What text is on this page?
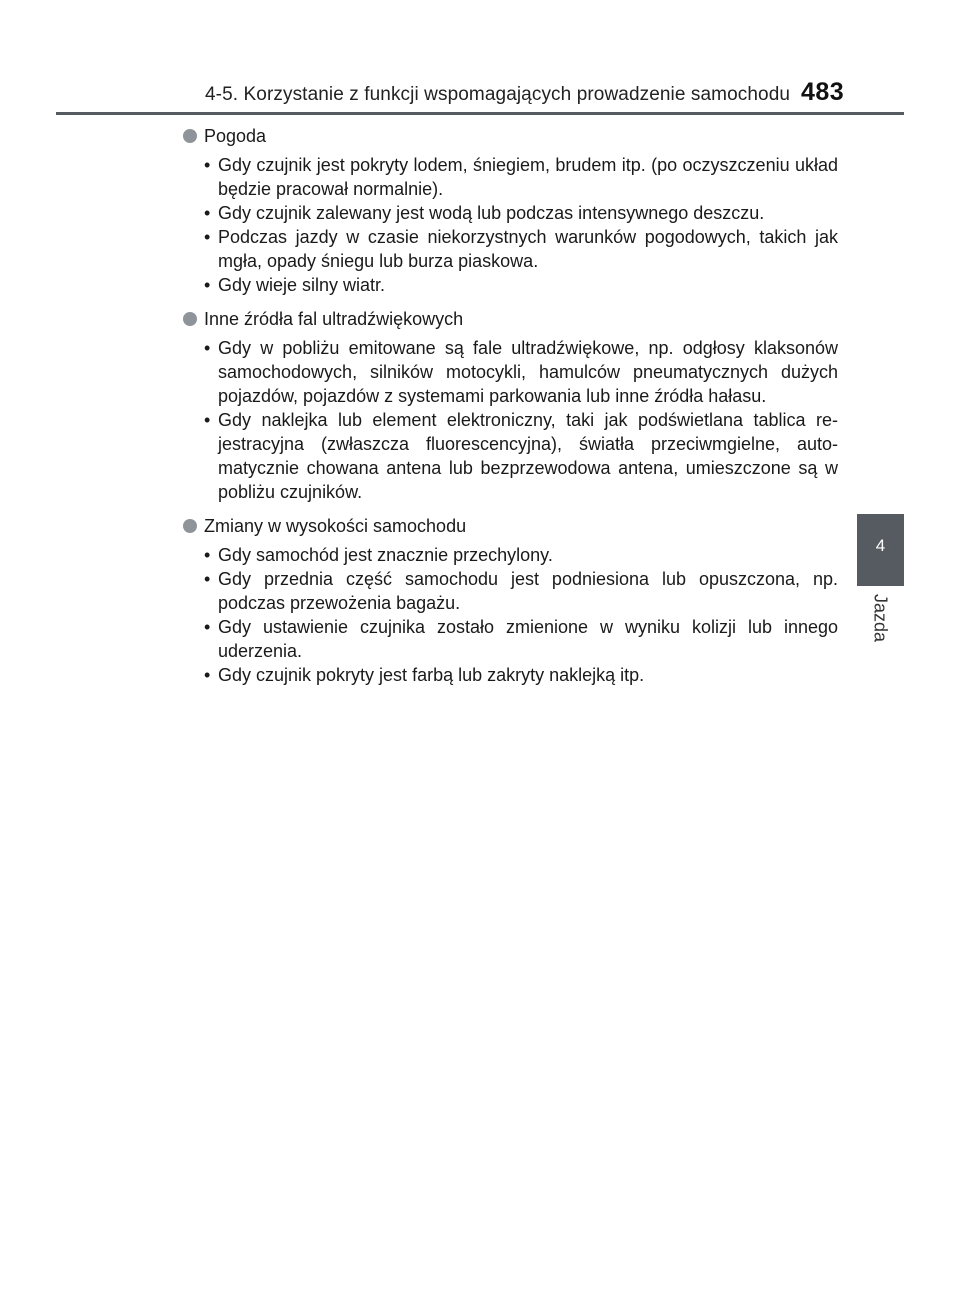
4-5. Korzystanie z funkcji wspomagających prowadzenie samochodu 483
4
Jazda
Pogoda
• Gdy czujnik jest pokryty lodem, śniegiem, brudem itp. (po oczyszczeniu układ będzie pracował normalnie).
• Gdy czujnik zalewany jest wodą lub podczas intensywnego deszczu.
• Podczas jazdy w czasie niekorzystnych warunków pogodowych, takich jak mgła, opady śniegu lub burza piaskowa.
• Gdy wieje silny wiatr.
Inne źródła fal ultradźwiękowych
• Gdy w pobliżu emitowane są fale ultradźwiękowe, np. odgłosy klaksonów samochodowych, silników motocykli, hamulców pneumatycznych dużych pojazdów, pojazdów z systemami parkowania lub inne źródła hałasu.
• Gdy naklejka lub element elektroniczny, taki jak podświetlana tablica re-jestracyjna (zwłaszcza fluorescencyjna), światła przeciwmgielne, auto-matycznie chowana antena lub bezprzewodowa antena, umieszczone są w pobliżu czujników.
Zmiany w wysokości samochodu
• Gdy samochód jest znacznie przechylony.
• Gdy przednia część samochodu jest podniesiona lub opuszczona, np. podczas przewożenia bagażu.
• Gdy ustawienie czujnika zostało zmienione w wyniku kolizji lub innego uderzenia.
• Gdy czujnik pokryty jest farbą lub zakryty naklejką itp.
